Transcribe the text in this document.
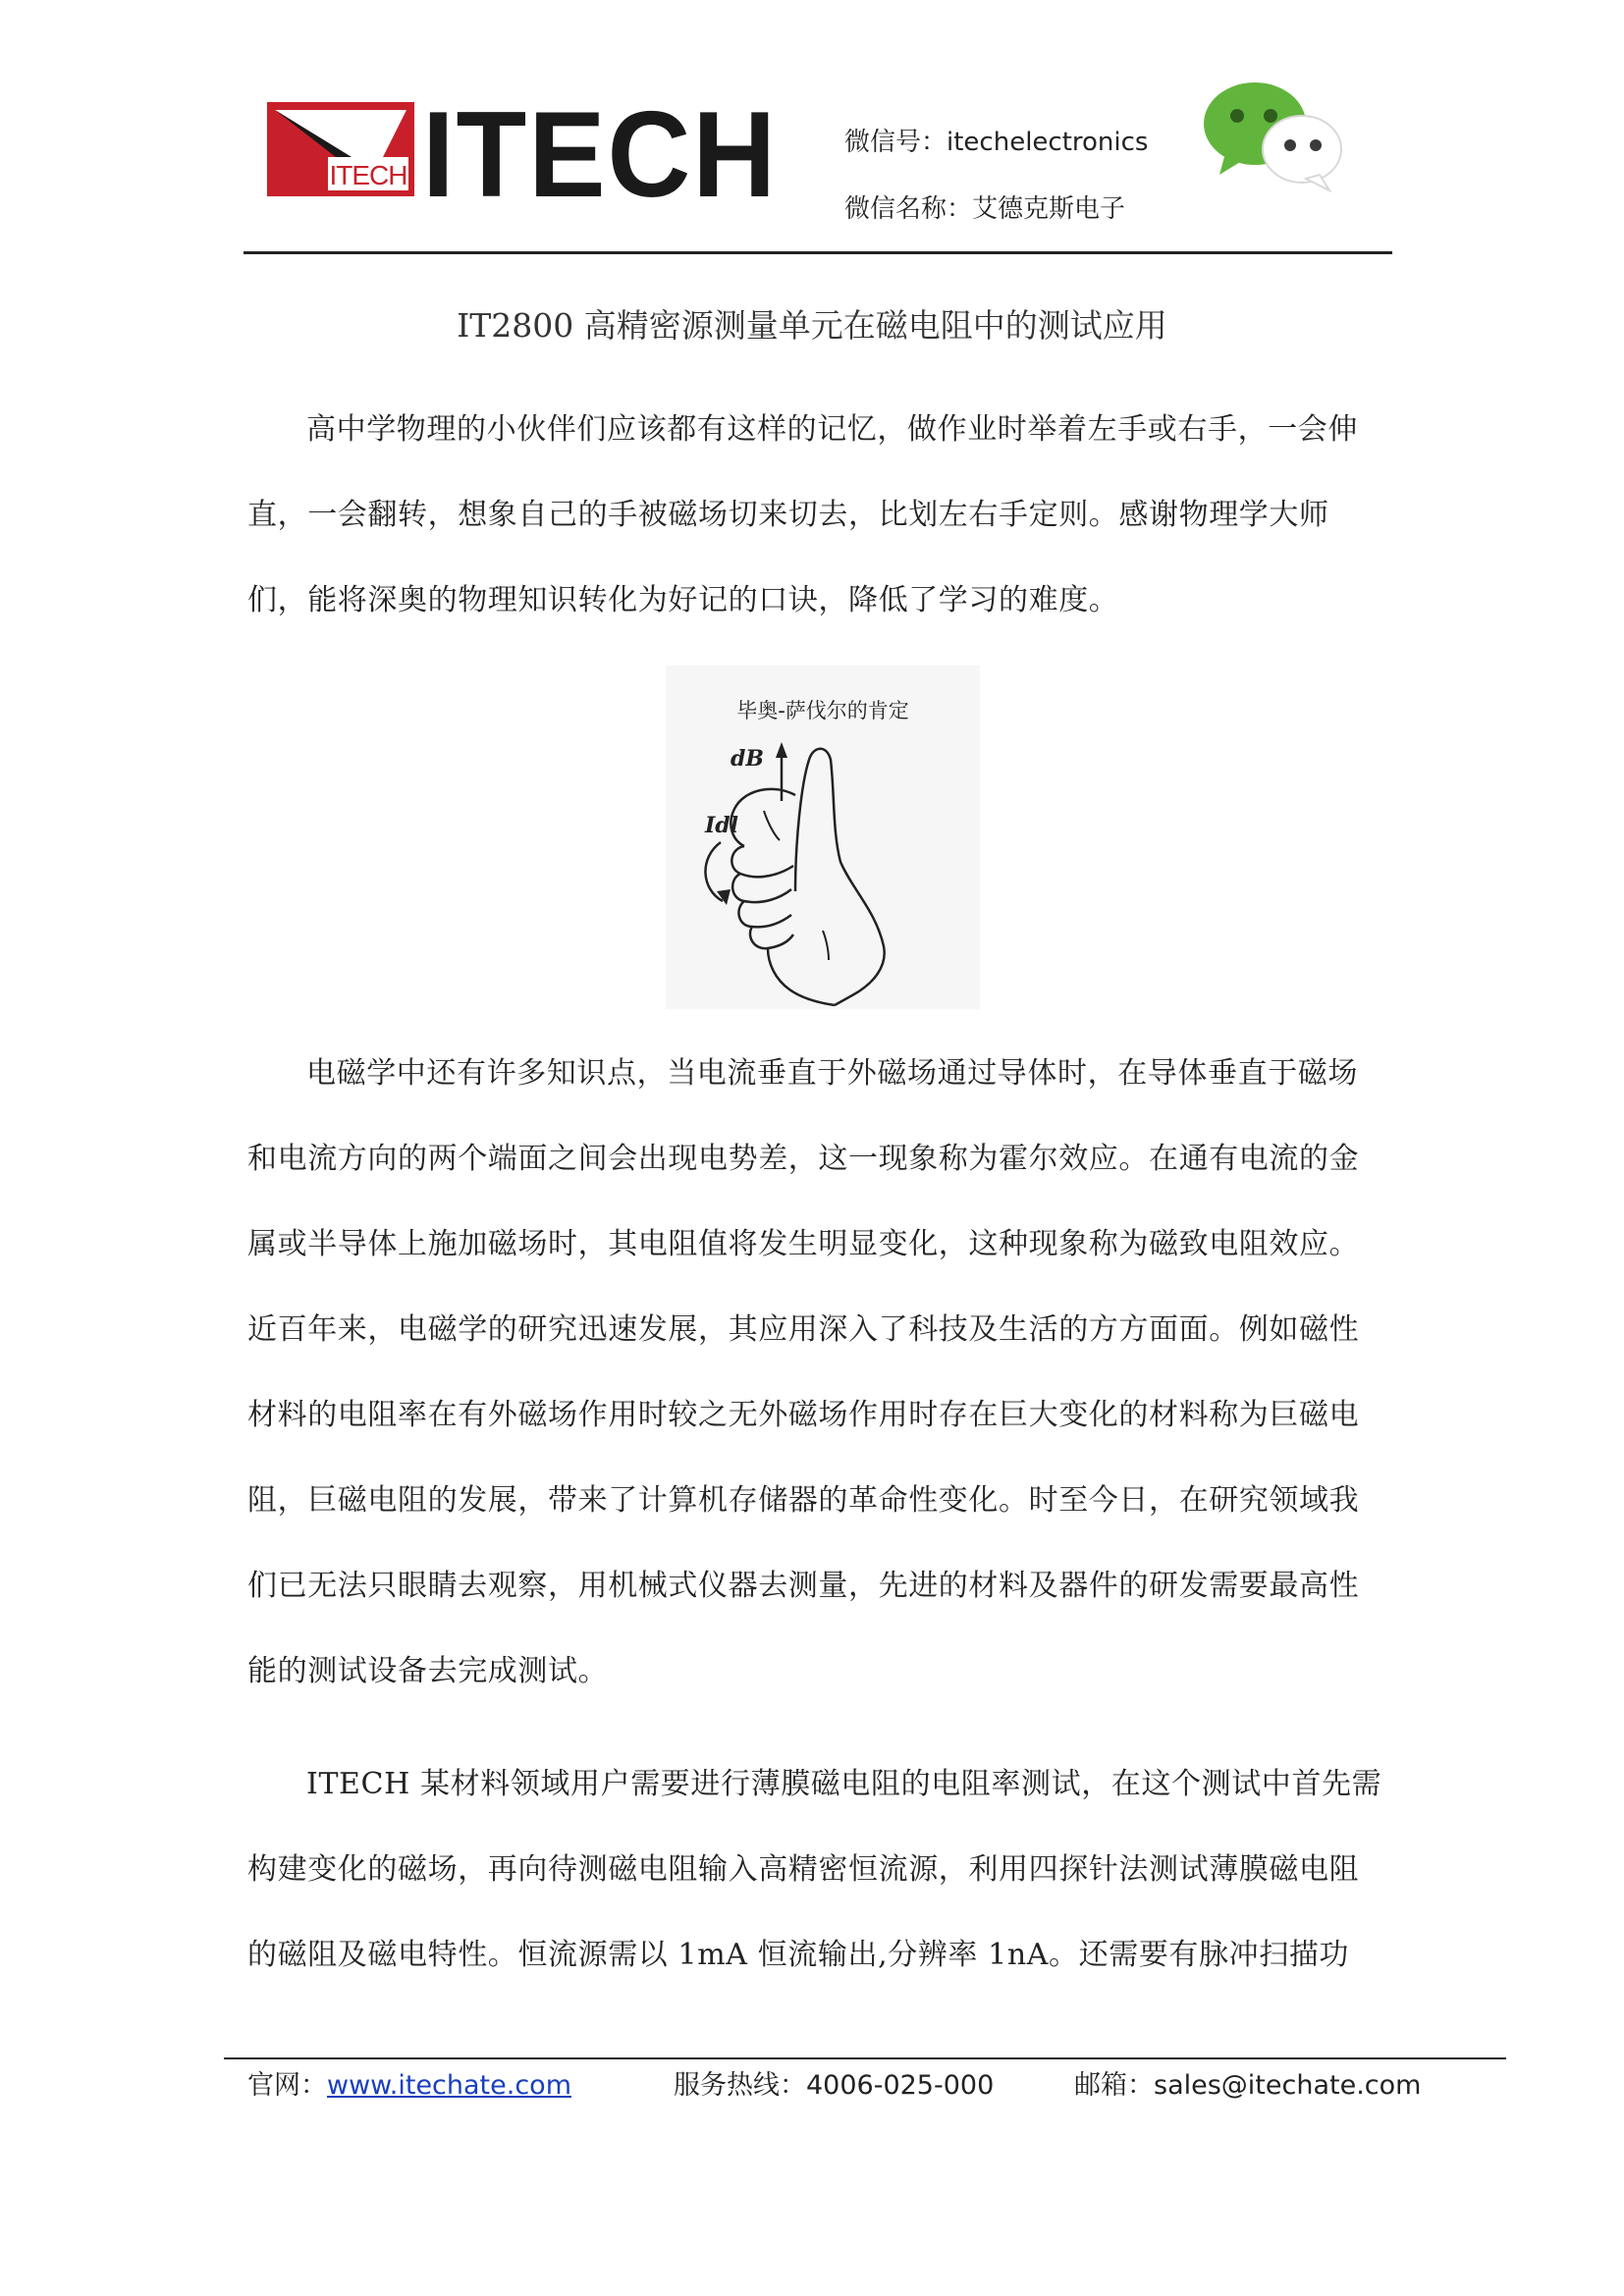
ITECH ITECH	微信号：itechelectronics
微信名称：艾德克斯电子
IT2800 高精密源测量单元在磁电阻中的测试应用

高中学物理的小伙伴们应该都有这样的记忆，做作业时举着左手或右手，一会伸直，一会翻转，想象自己的手被磁场切来切去，比划左右手定则。感谢物理学大师们，能将深奥的物理知识转化为好记的口诀，降低了学习的难度。

dB
Idl
毕奥-萨伐尔的肯定

电磁学中还有许多知识点，当电流垂直于外磁场通过导体时，在导体垂直于磁场和电流方向的两个端面之间会出现电势差，这一现象称为霍尔效应。在通有电流的金属或半导体上施加磁场时，其电阻值将发生明显变化，这种现象称为磁致电阻效应。近百年来，电磁学的研究迅速发展，其应用深入了科技及生活的方方面面。例如磁性材料的电阻率在有外磁场作用时较之无外磁场作用时存在巨大变化的材料称为巨磁电阻，巨磁电阻的发展，带来了计算机存储器的革命性变化。时至今日，在研究领域我们已无法只眼睛去观察，用机械式仪器去测量，先进的材料及器件的研发需要最高性能的测试设备去完成测试。

ITECH 某材料领域用户需要进行薄膜磁电阻的电阻率测试，在这个测试中首先需构建变化的磁场，再向待测磁电阻输入高精密恒流源，利用四探针法测试薄膜磁电阻的磁阻及磁电特性。恒流源需以 1mA 恒流输出,分辨率 1nA。还需要有脉冲扫描功

官网：www.itechate.com	服务热线：4006-025-000	邮箱：sales@itechate.com
